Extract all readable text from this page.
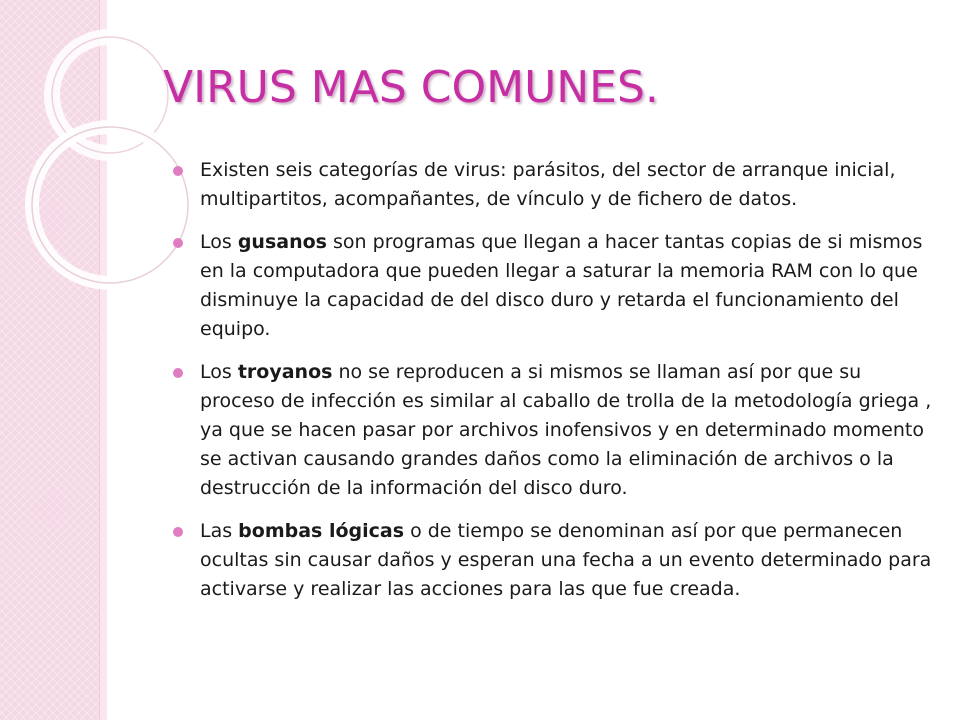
VIRUS MAS COMUNES.
Existen seis categorías de virus: parásitos, del sector de arranque inicial, multipartitos, acompañantes, de vínculo y de fichero de datos.
Los gusanos son programas que llegan a hacer tantas copias de si mismos en la computadora que pueden llegar a saturar la memoria RAM con lo que disminuye la capacidad de del disco duro y retarda el funcionamiento del equipo.
Los troyanos no se reproducen a si mismos se llaman así por que su proceso de infección es similar al caballo de trolla de la metodología griega , ya que se hacen pasar por archivos inofensivos y en determinado momento se activan causando grandes daños como la eliminación de archivos o la destrucción de la información del disco duro.
Las bombas lógicas o de tiempo se denominan así por que permanecen ocultas sin causar daños y esperan una fecha a un evento determinado para activarse y realizar las acciones para las que fue creada.
